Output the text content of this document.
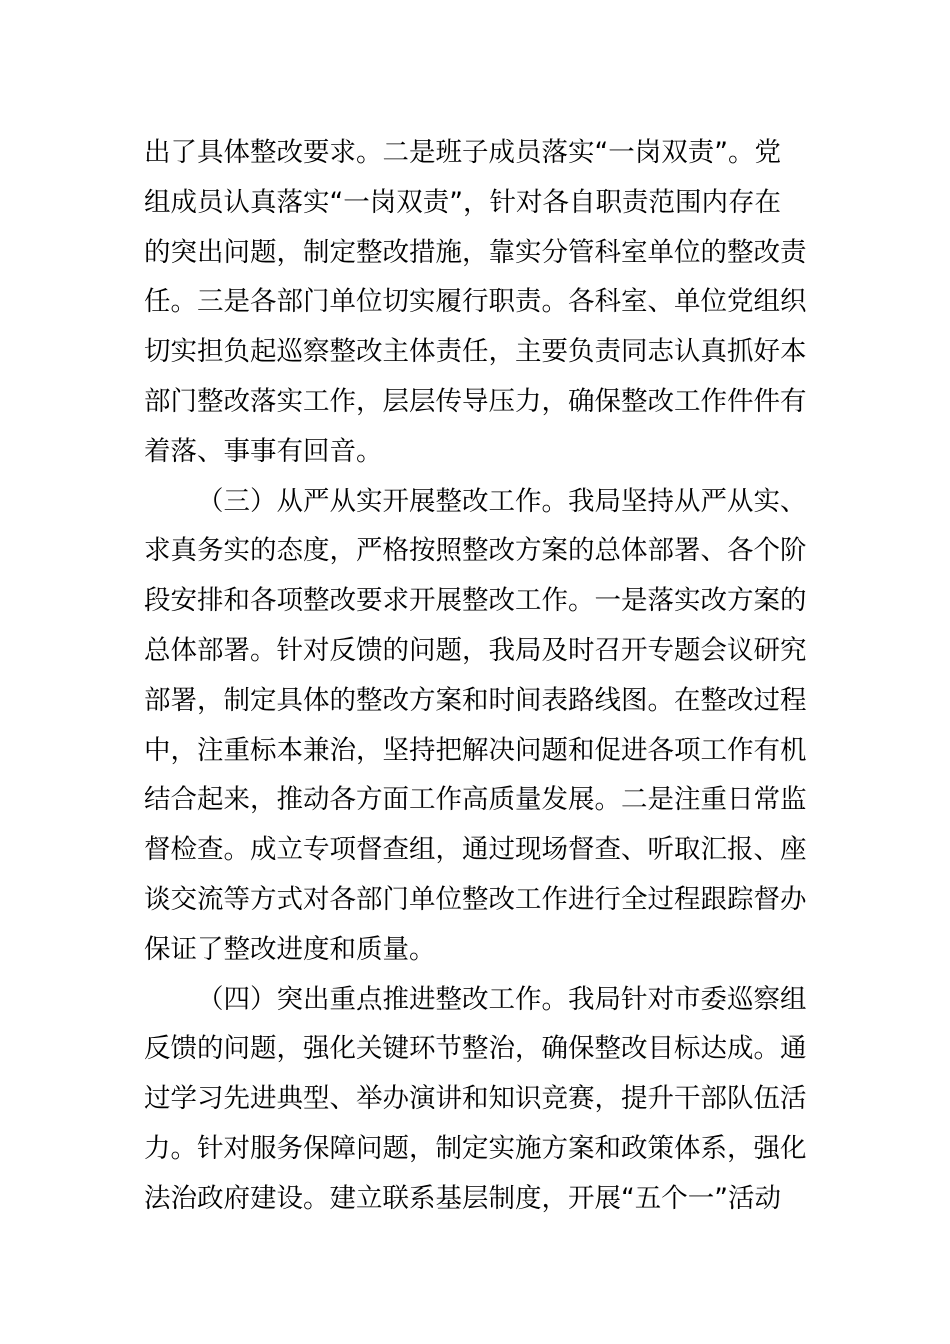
出了具体整改要求。二是班子成员落实“一岗双责”。党
组成员认真落实“一岗双责”，针对各自职责范围内存在
的突出问题，制定整改措施，靠实分管科室单位的整改责
任。三是各部门单位切实履行职责。各科室、单位党组织
切实担负起巡察整改主体责任，主要负责同志认真抓好本
部门整改落实工作，层层传导压力，确保整改工作件件有
着落、事事有回音。
（三）从严从实开展整改工作。我局坚持从严从实、
求真务实的态度，严格按照整改方案的总体部署、各个阶
段安排和各项整改要求开展整改工作。一是落实改方案的
总体部署。针对反馈的问题，我局及时召开专题会议研究
部署，制定具体的整改方案和时间表路线图。在整改过程
中，注重标本兼治，坚持把解决问题和促进各项工作有机
结合起来，推动各方面工作高质量发展。二是注重日常监
督检查。成立专项督查组，通过现场督查、听取汇报、座
谈交流等方式对各部门单位整改工作进行全过程跟踪督办
保证了整改进度和质量。
（四）突出重点推进整改工作。我局针对市委巡察组
反馈的问题，强化关键环节整治，确保整改目标达成。通
过学习先进典型、举办演讲和知识竞赛，提升干部队伍活
力。针对服务保障问题，制定实施方案和政策体系，强化
法治政府建设。建立联系基层制度，开展“五个一”活动
